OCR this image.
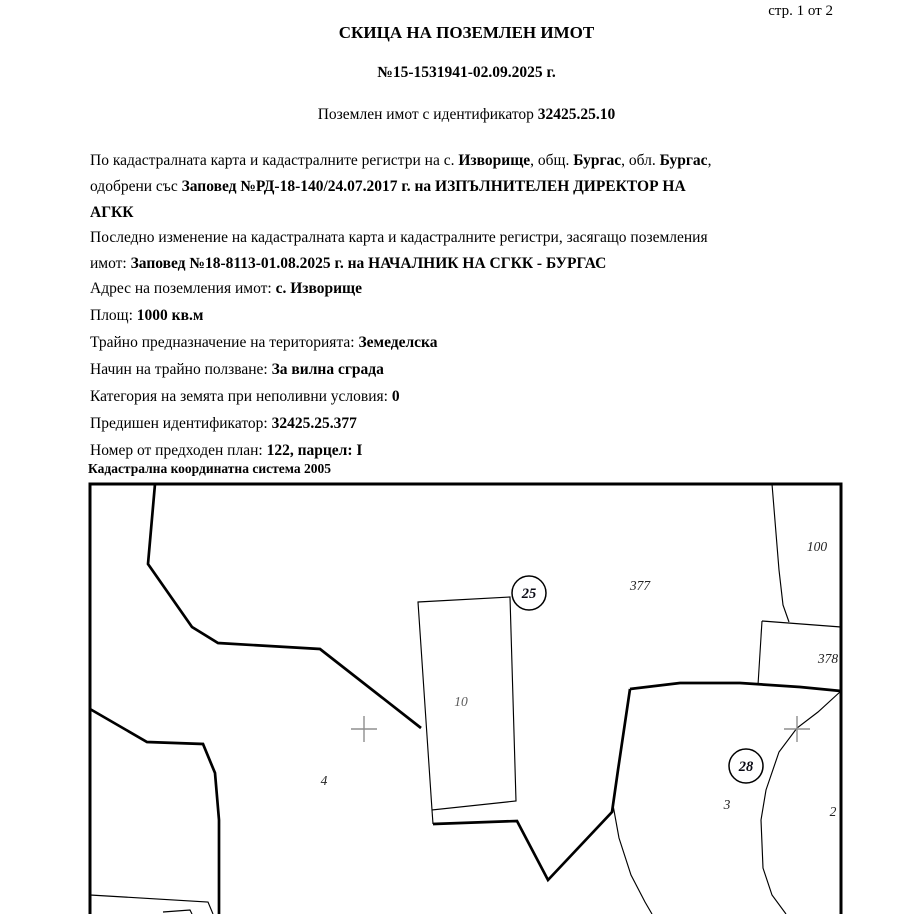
стр. 1 от 2
СКИЦА НА ПОЗЕМЛЕН ИМОТ
№15-1531941-02.09.2025 г.
Поземлен имот с идентификатор 32425.25.10
По кадастралната карта и кадастралните регистри на с. Изворище, общ. Бургас, обл. Бургас,
одобрени със Заповед №РД-18-140/24.07.2017 г. на ИЗПЪЛНИТЕЛЕН ДИРЕКТОР НА
АГКК
Последно изменение на кадастралната карта и кадастралните регистри, засягащо поземления
имот: Заповед №18-8113-01.08.2025 г. на НАЧАЛНИК НА СГКК - БУРГАС
Адрес на поземления имот: с. Изворище
Площ: 1000 кв.м
Трайно предназначение на територията: Земеделска
Начин на трайно ползване: За вилна сграда
Категория на земята при неполивни условия: 0
Предишен идентификатор: 32425.25.377
Номер от предходен план: 122, парцел: I
Кадастрална координатна система 2005
25
28
377
100
378
10
4
3	2
